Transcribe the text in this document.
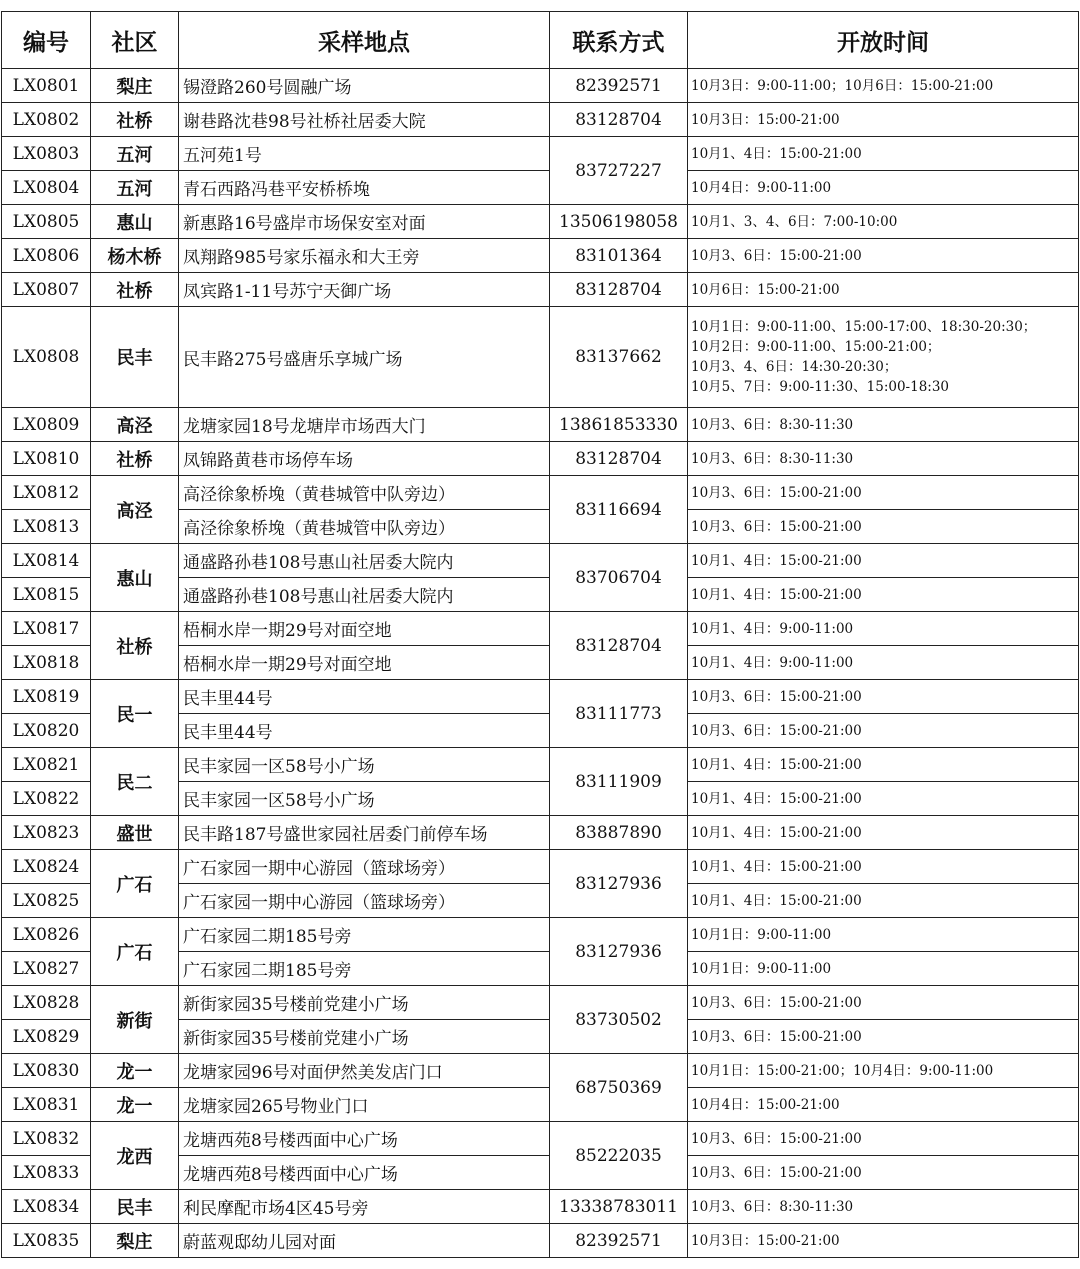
编号	社区	采样地点	联系方式	开放时间
LX0801	梨庄	锡澄路260号圆融广场	82392571	10月3日：9:00-11:00；10月6日：15:00-21:00
LX0802	社桥	谢巷路沈巷98号社桥社居委大院	83128704	10月3日：15:00-21:00
LX0803	五河	五河苑1号	83727227	10月1、4日：15:00-21:00
LX0804	五河	青石西路冯巷平安桥桥堍		10月4日：9:00-11:00
LX0805	惠山	新惠路16号盛岸市场保安室对面	13506198058	10月1、3、4、6日：7:00-10:00
LX0806	杨木桥	凤翔路985号家乐福永和大王旁	83101364	10月3、6日：15:00-21:00
LX0807	社桥	凤宾路1-11号苏宁天御广场	83128704	10月6日：15:00-21:00
LX0808	民丰	民丰路275号盛唐乐享城广场	83137662	10月1日：9:00-11:00、15:00-17:00、18:30-20:30；
10月2日：9:00-11:00、15:00-21:00；
10月3、4、6日：14:30-20:30；
10月5、7日：9:00-11:30、15:00-18:30

LX0809	高泾	龙塘家园18号龙塘岸市场西大门	13861853330	10月3、6日：8:30-11:30
LX0810	社桥	凤锦路黄巷市场停车场	83128704	10月3、6日：8:30-11:30
LX0812	高泾	高泾徐象桥堍（黄巷城管中队旁边）	83116694	10月3、6日：15:00-21:00
LX0813		高泾徐象桥堍（黄巷城管中队旁边）		10月3、6日：15:00-21:00
LX0814	惠山	通盛路孙巷108号惠山社居委大院内	83706704	10月1、4日：15:00-21:00
LX0815		通盛路孙巷108号惠山社居委大院内		10月1、4日：15:00-21:00
LX0817	社桥	梧桐水岸一期29号对面空地	83128704	10月1、4日：9:00-11:00
LX0818		梧桐水岸一期29号对面空地		10月1、4日：9:00-11:00
LX0819	民一	民丰里44号	83111773	10月3、6日：15:00-21:00
LX0820		民丰里44号		10月3、6日：15:00-21:00
LX0821	民二	民丰家园一区58号小广场	83111909	10月1、4日：15:00-21:00
LX0822		民丰家园一区58号小广场		10月1、4日：15:00-21:00
LX0823	盛世	民丰路187号盛世家园社居委门前停车场	83887890	10月1、4日：15:00-21:00
LX0824	广石	广石家园一期中心游园（篮球场旁）	83127936	10月1、4日：15:00-21:00
LX0825		广石家园一期中心游园（篮球场旁）		10月1、4日：15:00-21:00
LX0826	广石	广石家园二期185号旁	83127936	10月1日：9:00-11:00
LX0827		广石家园二期185号旁		10月1日：9:00-11:00
LX0828	新街	新街家园35号楼前党建小广场	83730502	10月3、6日：15:00-21:00
LX0829		新街家园35号楼前党建小广场		10月3、6日：15:00-21:00
LX0830	龙一	龙塘家园96号对面伊然美发店门口	68750369	10月1日：15:00-21:00；10月4日：9:00-11:00
LX0831	龙一	龙塘家园265号物业门口		10月4日：15:00-21:00
LX0832	龙西	龙塘西苑8号楼西面中心广场	85222035	10月3、6日：15:00-21:00
LX0833		龙塘西苑8号楼西面中心广场		10月3、6日：15:00-21:00
LX0834	民丰	利民摩配市场4区45号旁	13338783011	10月3、6日：8:30-11:30
LX0835	梨庄	蔚蓝观邸幼儿园对面	82392571	10月3日：15:00-21:00
